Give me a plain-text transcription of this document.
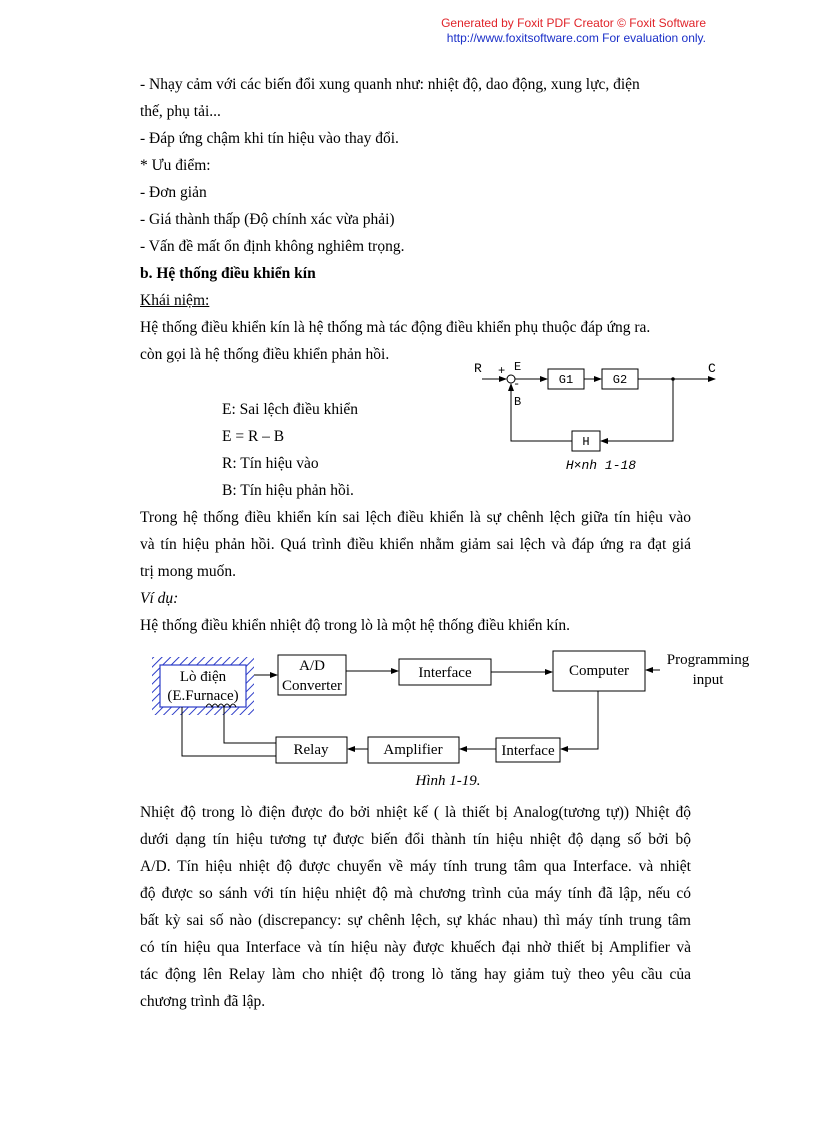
Generated by Foxit PDF Creator © Foxit Software
http://www.foxitsoftware.com For evaluation only.
- Nhạy cảm với các biến đổi xung quanh như: nhiệt độ, dao động, xung lực, điện
thế, phụ tải...
- Đáp ứng chậm khi tín hiệu vào thay đổi.
* Ưu điểm:
- Đơn giản
- Giá thành thấp (Độ chính xác vừa phải)
- Vấn đề mất ổn định không nghiêm trọng.
b. Hệ thống điều khiển kín
Khái niệm:
Hệ thống điều khiển kín là hệ thống mà tác động điều khiển phụ thuộc đáp ứng ra.
còn gọi là hệ thống điều khiển phản hồi.
E: Sai lệch điều khiển
E = R – B
R: Tín hiệu vào
B: Tín hiệu phản hồi.
R + E
-
B
G1	G2
C
H
H×nh 1-18
Trong hệ thống điều khiển kín sai lệch điều khiển là sự chênh lệch giữa tín hiệu vào
và tín hiệu phản hồi. Quá trình điều khiển nhằm giảm sai lệch và đáp ứng ra đạt giá
trị mong muốn.
Ví dụ:
Hệ thống điều khiển nhiệt độ trong lò là một hệ thống điều khiển kín.
Lò điện
(E.Furnace)
A/D
Converter
Interface	Computer
Programming
input
Interface
Amplifier
Relay
Hình 1-19.
Nhiệt độ trong lò điện được đo bởi nhiệt kế ( là thiết bị Analog(tương tự)) Nhiệt độ
dưới dạng tín hiệu tương tự được biến đổi thành tín hiệu nhiệt độ dạng số bởi bộ
A/D. Tín hiệu nhiệt độ được chuyển về máy tính trung tâm qua Interface. và nhiệt
độ được so sánh với tín hiệu nhiệt độ mà chương trình của máy tính đã lập, nếu có
bất kỳ sai số nào (discrepancy: sự chênh lệch, sự khác nhau) thì máy tính trung tâm
có tín hiệu qua Interface và tín hiệu này được khuếch đại nhờ thiết bị Amplifier và
tác động lên Relay làm cho nhiệt độ trong lò tăng hay giảm tuỳ theo yêu cầu của
chương trình đã lập.
